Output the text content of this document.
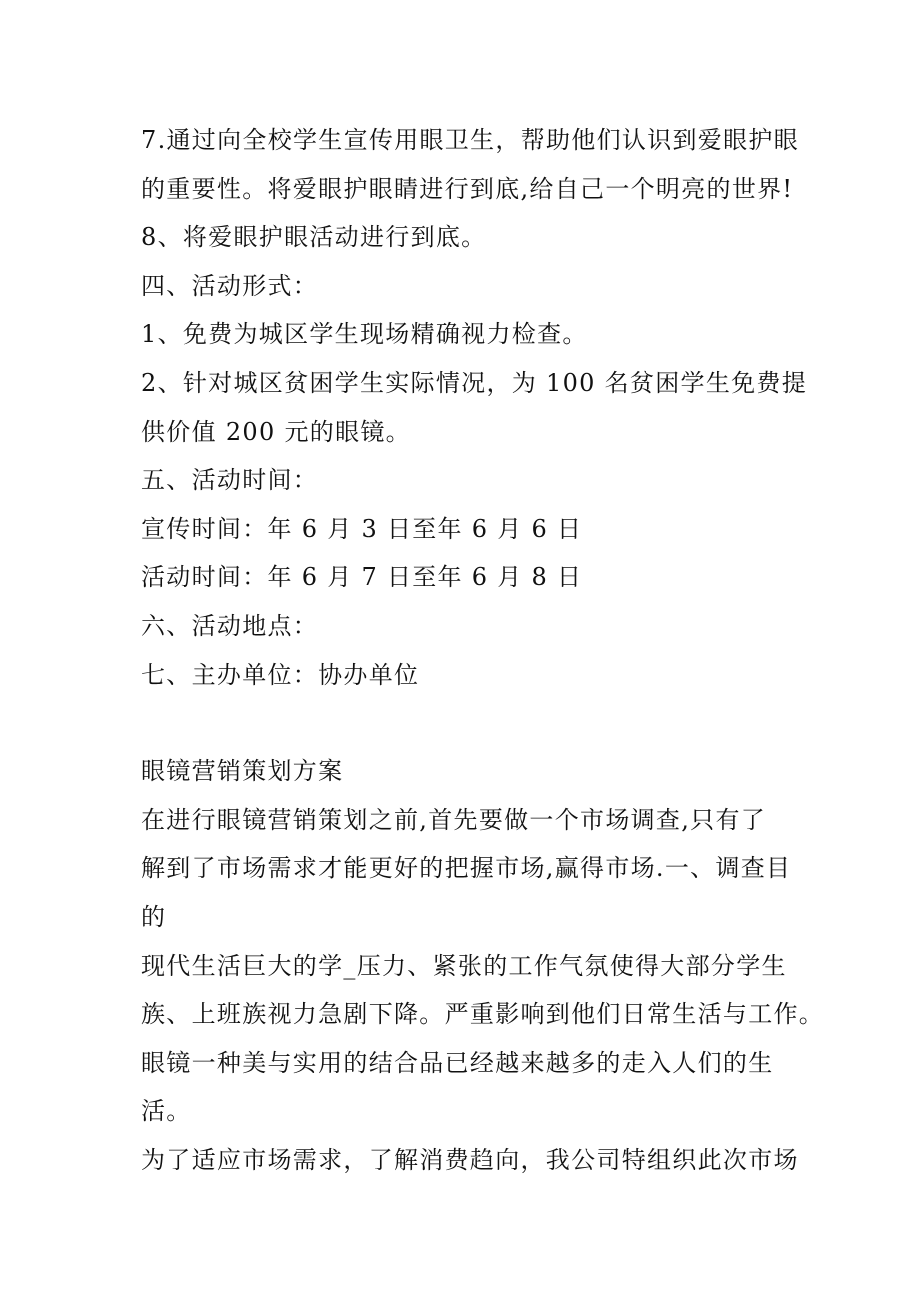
7.通过向全校学生宣传用眼卫生，帮助他们认识到爱眼护眼
的重要性。将爱眼护眼睛进行到底,给自己一个明亮的世界!
8、将爱眼护眼活动进行到底。
四、活动形式：
1、免费为城区学生现场精确视力检查。
2、针对城区贫困学生实际情况，为 100 名贫困学生免费提
供价值 200 元的眼镜。
五、活动时间：
宣传时间：年 6 月 3 日至年 6 月 6 日
活动时间：年 6 月 7 日至年 6 月 8 日
六、活动地点：
七、主办单位：协办单位
眼镜营销策划方案
在进行眼镜营销策划之前,首先要做一个市场调查,只有了
解到了市场需求才能更好的把握市场,赢得市场.一、调查目
的
现代生活巨大的学_压力、紧张的工作气氛使得大部分学生
族、上班族视力急剧下降。严重影响到他们日常生活与工作。
眼镜一种美与实用的结合品已经越来越多的走入人们的生
活。
为了适应市场需求，了解消费趋向，我公司特组织此次市场
